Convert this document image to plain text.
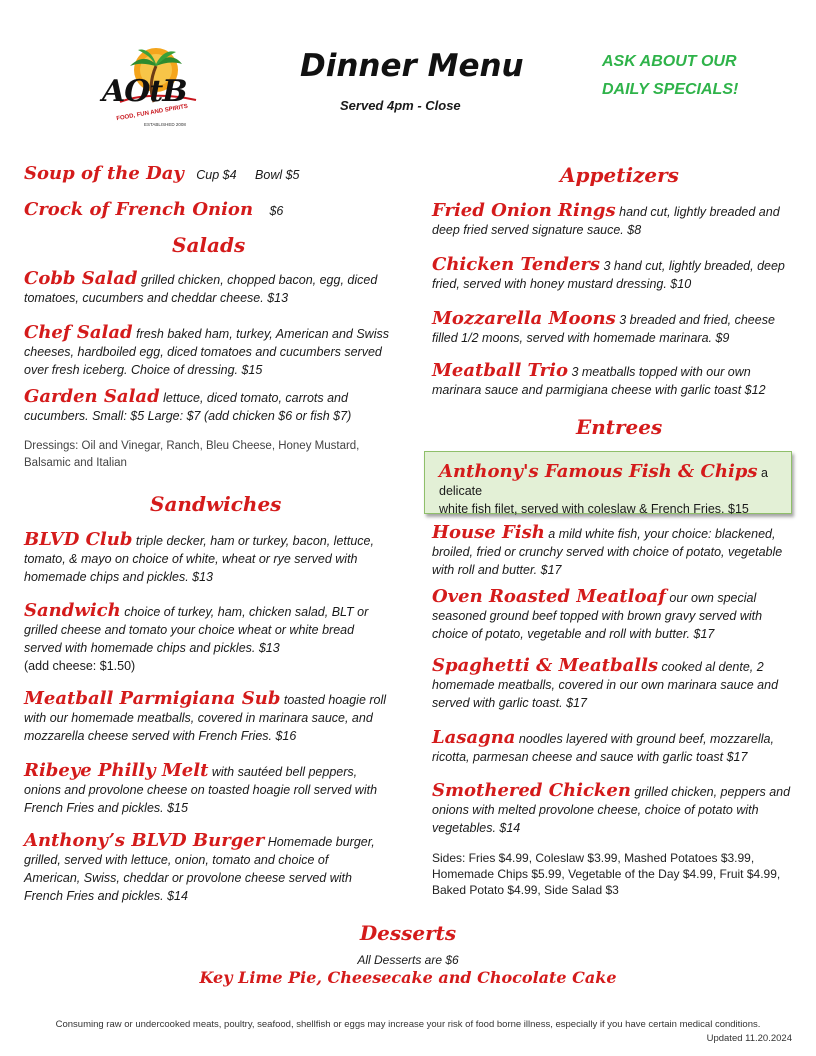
AOtB
FOOD, FUN AND SPIRITS
ESTABLISHED 2008
Dinner Menu
Served 4pm - Close
ASK ABOUT OUR
DAILY SPECIALS!
Soup of the Day Cup $4 Bowl $5
Crock of French Onion $6
Salads
Cobb Salad grilled chicken, chopped bacon, egg, diced tomatoes, cucumbers and cheddar cheese. $13
Chef Salad fresh baked ham, turkey, American and Swiss cheeses, hardboiled egg, diced tomatoes and cucumbers served over fresh iceberg. Choice of dressing. $15
Garden Salad lettuce, diced tomato, carrots and cucumbers. Small: $5 Large: $7 (add chicken $6 or fish $7)
Dressings: Oil and Vinegar, Ranch, Bleu Cheese, Honey Mustard, Balsamic and Italian
Sandwiches
BLVD Club triple decker, ham or turkey, bacon, lettuce, tomato, & mayo on choice of white, wheat or rye served with homemade chips and pickles. $13
Sandwich choice of turkey, ham, chicken salad, BLT or grilled cheese and tomato your choice wheat or white bread served with homemade chips and pickles. $13
(add cheese: $1.50)
Meatball Parmigiana Sub toasted hoagie roll with our homemade meatballs, covered in marinara sauce, and mozzarella cheese served with French Fries. $16
Ribeye Philly Melt with sautéed bell peppers, onions and provolone cheese on toasted hoagie roll served with French Fries and pickles. $15
Anthony’s BLVD Burger Homemade burger, grilled, served with lettuce, onion, tomato and choice of American, Swiss, cheddar or provolone cheese served with French Fries and pickles. $14
Appetizers
Fried Onion Rings hand cut, lightly breaded and deep fried served signature sauce. $8
Chicken Tenders 3 hand cut, lightly breaded, deep fried, served with honey mustard dressing. $10
Mozzarella Moons 3 breaded and fried, cheese filled 1/2 moons, served with homemade marinara. $9
Meatball Trio 3 meatballs topped with our own marinara sauce and parmigiana cheese with garlic toast $12
Entrees
Anthony's Famous Fish & Chips a delicate
white fish filet, served with coleslaw & French Fries. $15
House Fish a mild white fish, your choice: blackened, broiled, fried or crunchy served with choice of potato, vegetable with roll and butter. $17
Oven Roasted Meatloaf our own special seasoned ground beef topped with brown gravy served with choice of potato, vegetable and roll with butter. $17
Spaghetti & Meatballs cooked al dente, 2 homemade meatballs, covered in our own marinara sauce and served with garlic toast. $17
Lasagna noodles layered with ground beef, mozzarella, ricotta, parmesan cheese and sauce with garlic toast $17
Smothered Chicken grilled chicken, peppers and onions with melted provolone cheese, choice of potato with vegetables. $14
Sides: Fries $4.99, Coleslaw $3.99, Mashed Potatoes $3.99, Homemade Chips $5.99, Vegetable of the Day $4.99, Fruit $4.99, Baked Potato $4.99, Side Salad $3
Desserts
All Desserts are $6
Key Lime Pie, Cheesecake and Chocolate Cake
Consuming raw or undercooked meats, poultry, seafood, shellfish or eggs may increase your risk of food borne illness, especially if you have certain medical conditions.
Updated 11.20.2024
